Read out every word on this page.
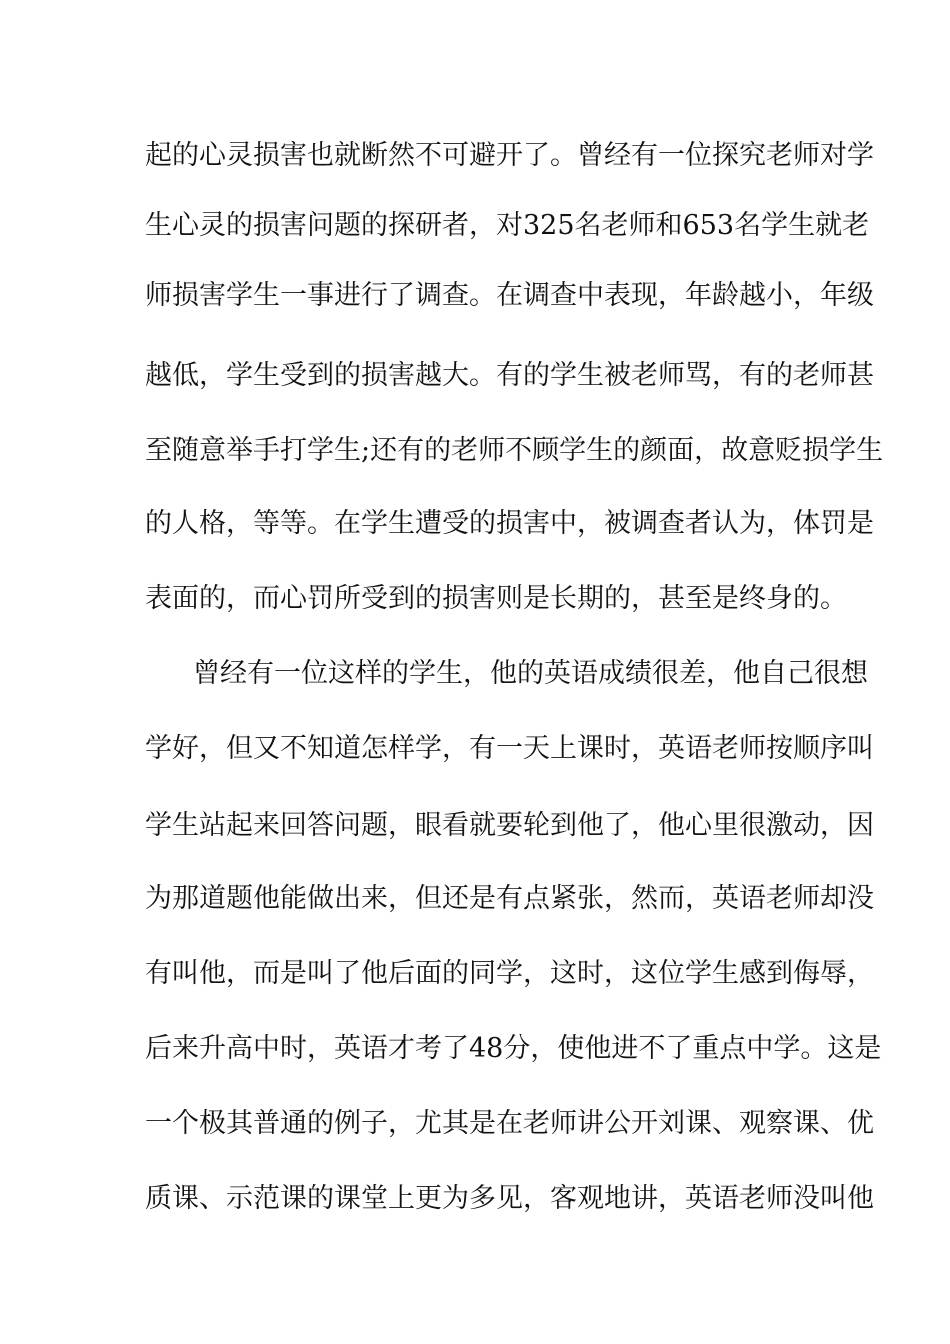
起的心灵损害也就断然不可避开了。曾经有一位探究老师对学
生心灵的损害问题的探研者，对325名老师和653名学生就老
师损害学生一事进行了调查。在调查中表现，年龄越小，年级
越低，学生受到的损害越大。有的学生被老师骂，有的老师甚
至随意举手打学生;还有的老师不顾学生的颜面，故意贬损学生
的人格，等等。在学生遭受的损害中，被调查者认为，体罚是
表面的，而心罚所受到的损害则是长期的，甚至是终身的。
曾经有一位这样的学生，他的英语成绩很差，他自己很想
学好，但又不知道怎样学，有一天上课时，英语老师按顺序叫
学生站起来回答问题，眼看就要轮到他了，他心里很激动，因
为那道题他能做出来，但还是有点紧张，然而，英语老师却没
有叫他，而是叫了他后面的同学，这时，这位学生感到侮辱，
后来升高中时，英语才考了48分，使他进不了重点中学。这是
一个极其普通的例子，尤其是在老师讲公开刘课、观察课、优
质课、示范课的课堂上更为多见，客观地讲，英语老师没叫他
